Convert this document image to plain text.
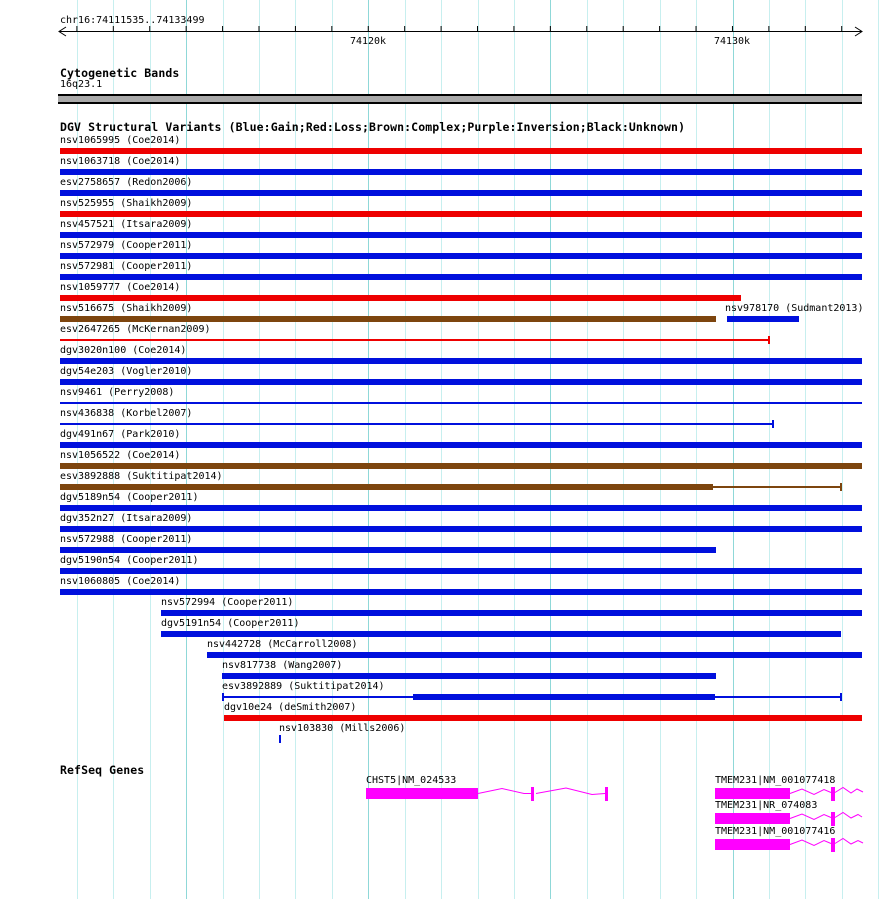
chr16:74111535..74133499
74120k	74130k
Cytogenetic Bands
16q23.1
DGV Structural Variants (Blue:Gain;Red:Loss;Brown:Complex;Purple:Inversion;Black:Unknown)
nsv1065995 (Coe2014)
nsv1063718 (Coe2014)
esv2758657 (Redon2006)
nsv525955 (Shaikh2009)
nsv457521 (Itsara2009)
nsv572979 (Cooper2011)
nsv572981 (Cooper2011)
nsv1059777 (Coe2014)
nsv516675 (Shaikh2009)	nsv978170 (Sudmant2013)
esv2647265 (McKernan2009)
dgv3020n100 (Coe2014)
dgv54e203 (Vogler2010)
nsv9461 (Perry2008)
nsv436838 (Korbel2007)
dgv491n67 (Park2010)
nsv1056522 (Coe2014)
esv3892888 (Suktitipat2014)
dgv5189n54 (Cooper2011)
dgv352n27 (Itsara2009)
nsv572988 (Cooper2011)
dgv5190n54 (Cooper2011)
nsv1060805 (Coe2014)
nsv572994 (Cooper2011)
dgv5191n54 (Cooper2011)
nsv442728 (McCarroll2008)
nsv817738 (Wang2007)
esv3892889 (Suktitipat2014)
dgv10e24 (deSmith2007)
nsv103830 (Mills2006)
RefSeq Genes
CHST5|NM_024533	TMEM231|NM_001077418
TMEM231|NR_074083
TMEM231|NM_001077416
